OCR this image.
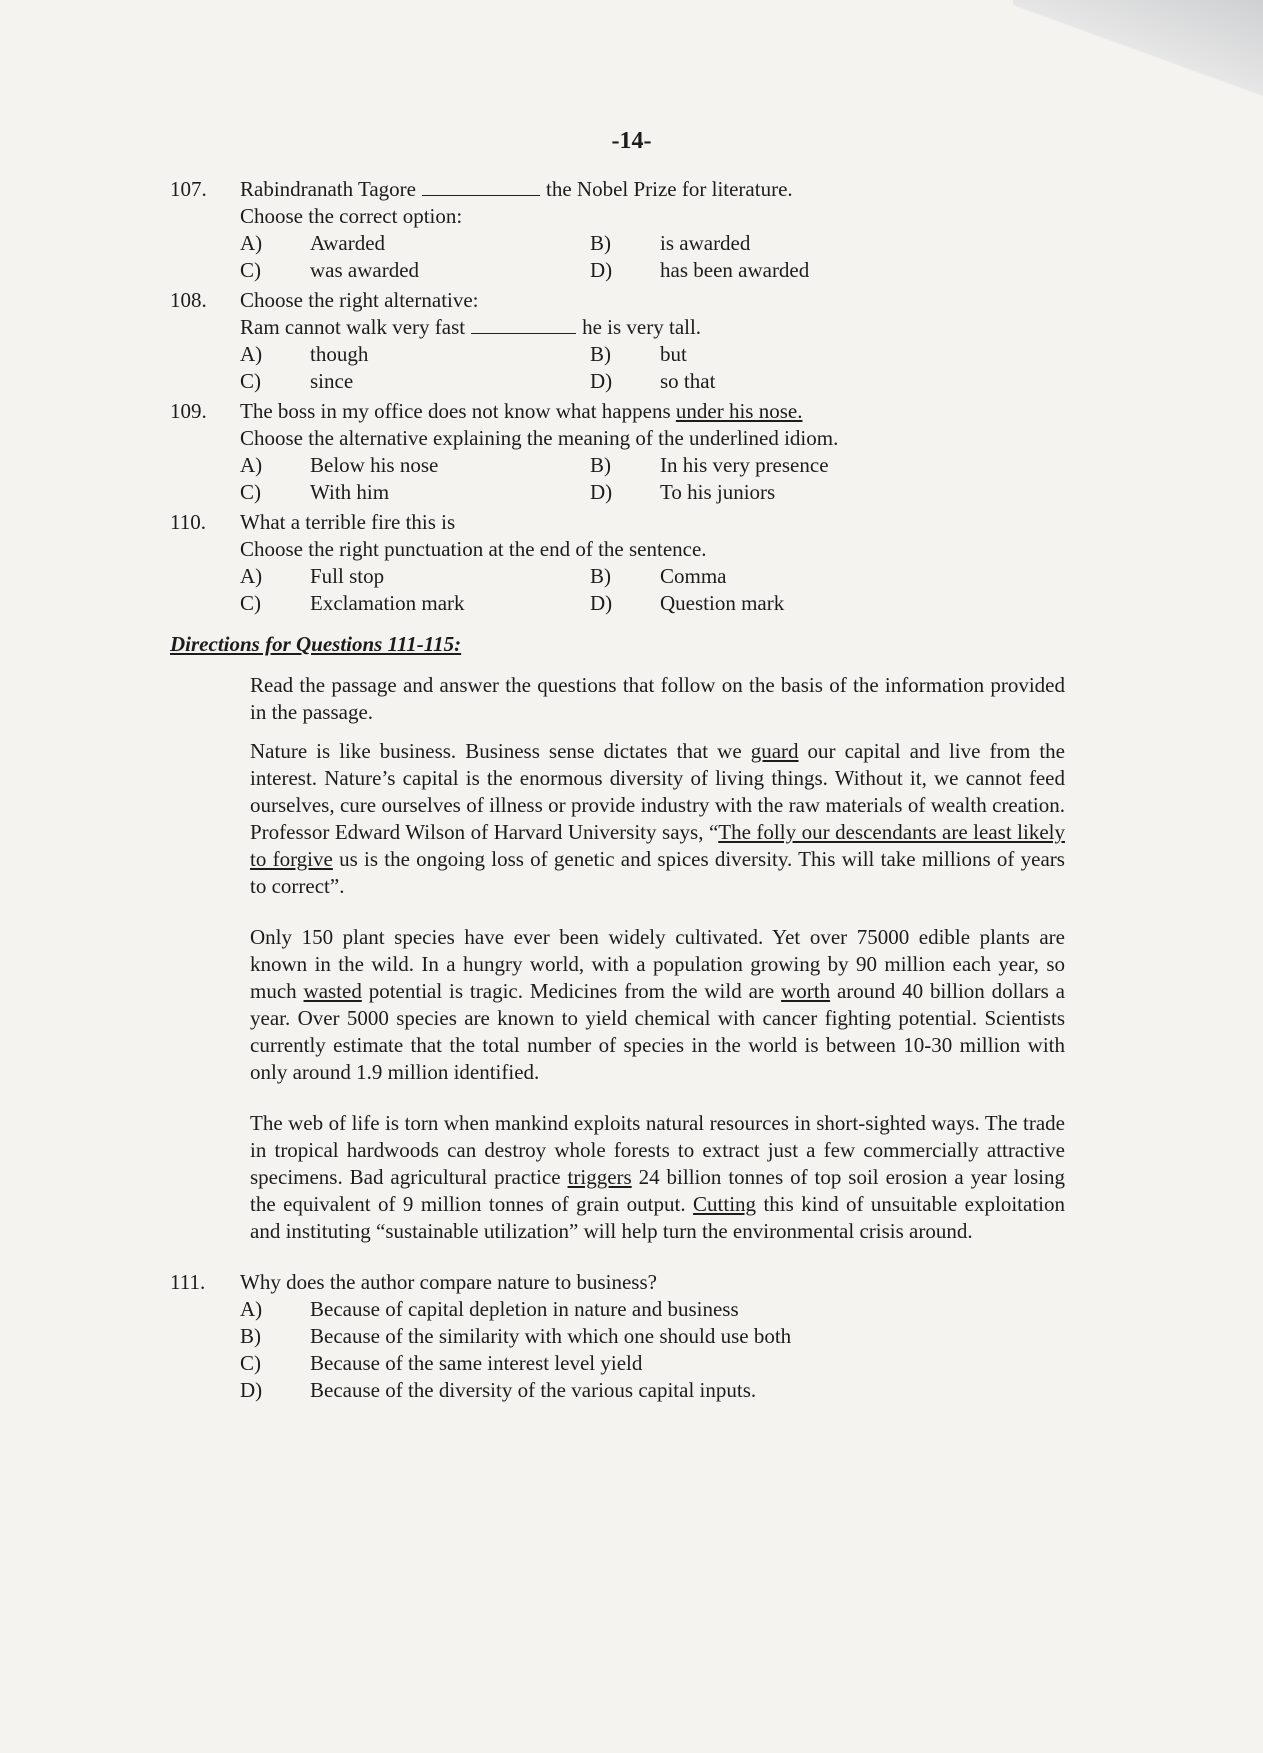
-14-
107.	Rabindranath Tagore	the Nobel Prize for literature.
Choose the correct option:
A)	Awarded	B)	is awarded
C)	was awarded	D)	has been awarded
108.	Choose the right alternative:
Ram cannot walk very fast	he is very tall.
A)	though	B)	but
C)	since	D)	so that
109.	The boss in my office does not know what happens under his nose.
Choose the alternative explaining the meaning of the underlined idiom.
A)	Below his nose	B)	In his very presence
C)	With him	D)	To his juniors
110.	What a terrible fire this is
Choose the right punctuation at the end of the sentence.
A)	Full stop	B)	Comma
C)	Exclamation mark	D)	Question mark
Directions for Questions 111-115:
Read the passage and answer the questions that follow on the basis of the information provided in the passage.
Nature is like business. Business sense dictates that we guard our capital and live from the interest. Nature’s capital is the enormous diversity of living things. Without it, we cannot feed ourselves, cure ourselves of illness or provide industry with the raw materials of wealth creation. Professor Edward Wilson of Harvard University says, “The folly our descendants are least likely to forgive us is the ongoing loss of genetic and spices diversity. This will take millions of years to correct”.
Only 150 plant species have ever been widely cultivated. Yet over 75000 edible plants are known in the wild. In a hungry world, with a population growing by 90 million each year, so much wasted potential is tragic. Medicines from the wild are worth around 40 billion dollars a year. Over 5000 species are known to yield chemical with cancer fighting potential. Scientists currently estimate that the total number of species in the world is between 10-30 million with only around 1.9 million identified.
The web of life is torn when mankind exploits natural resources in short-sighted ways. The trade in tropical hardwoods can destroy whole forests to extract just a few commercially attractive specimens. Bad agricultural practice triggers 24 billion tonnes of top soil erosion a year losing the equivalent of 9 million tonnes of grain output. Cutting this kind of unsuitable exploitation and instituting “sustainable utilization” will help turn the environmental crisis around.
111.	Why does the author compare nature to business?
A)	Because of capital depletion in nature and business
B)	Because of the similarity with which one should use both
C)	Because of the same interest level yield
D)	Because of the diversity of the various capital inputs.
